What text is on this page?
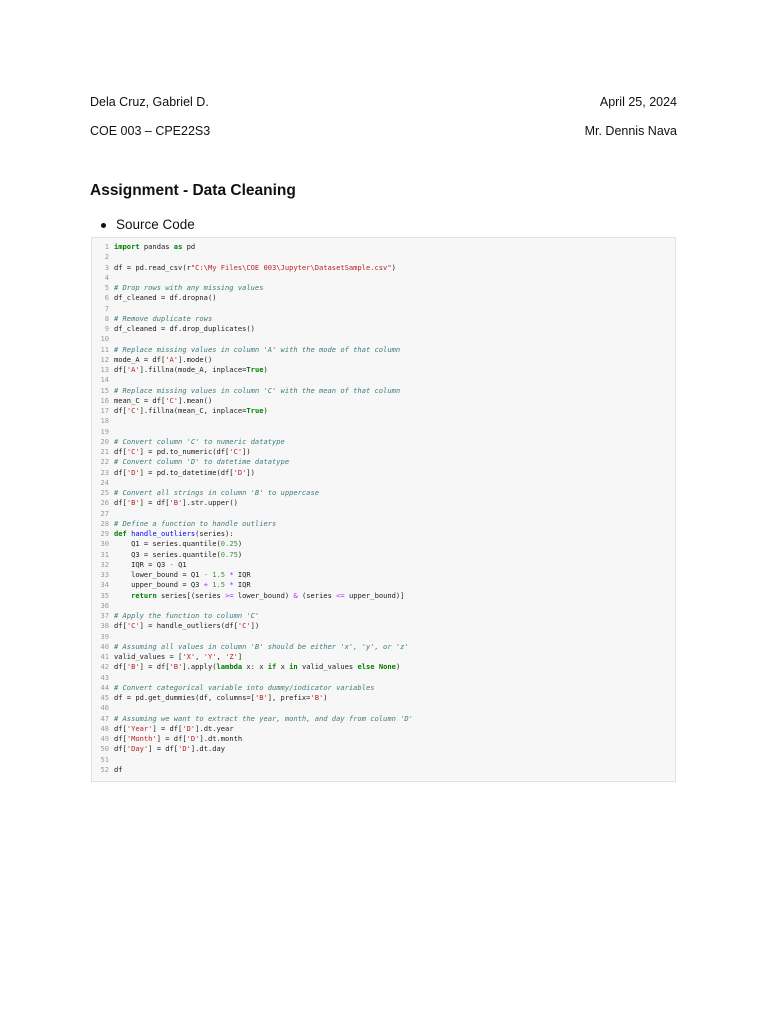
Dela Cruz, Gabriel D.	April 25, 2024
COE 003 – CPE22S3	Mr. Dennis Nava
Assignment - Data Cleaning
Source Code
1 import pandas as pd
2
3 df = pd.read_csv(r"C:\My Files\COE 003\Jupyter\DatasetSample.csv")
4
5 # Drop rows with any missing values
6 df_cleaned = df.dropna()
7
8 # Remove duplicate rows
9 df_cleaned = df.drop_duplicates()
10
11 # Replace missing values in column 'A' with the mode of that column
12 mode_A = df['A'].mode()
13 df['A'].fillna(mode_A, inplace=True)
14
15 # Replace missing values in column 'C' with the mean of that column
16 mean_C = df['C'].mean()
17 df['C'].fillna(mean_C, inplace=True)
18
19
20 # Convert column 'C' to numeric datatype
21 df['C'] = pd.to_numeric(df['C'])
22 # Convert column 'D' to datetime datatype
23 df['D'] = pd.to_datetime(df['D'])
24
25 # Convert all strings in column 'B' to uppercase
26 df['B'] = df['B'].str.upper()
27
28 # Define a function to handle outliers
29 def handle_outliers(series):
30 Q1 = series.quantile(0.25)
31 Q3 = series.quantile(0.75)
32 IQR = Q3 - Q1
33 lower_bound = Q1 - 1.5 * IQR
34 upper_bound = Q3 + 1.5 * IQR
35	return series[(series >= lower_bound) & (series <= upper_bound)]
36
37 # Apply the function to column 'C'
38 df['C'] = handle_outliers(df['C'])
39
40 # Assuming all values in column 'B' should be either 'x', 'y', or 'z'
41 valid_values = ['X', 'Y', 'Z']
42 df['B'] = df['B'].apply(lambda x: x if x in valid_values else None)
43
44 # Convert categorical variable into dummy/indicator variables
45 df = pd.get_dummies(df, columns=['B'], prefix='B')
46
47 # Assuming we want to extract the year, month, and day from column 'D'
48 df['Year'] = df['D'].dt.year
49 df['Month'] = df['D'].dt.month
50 df['Day'] = df['D'].dt.day
51
52 df
